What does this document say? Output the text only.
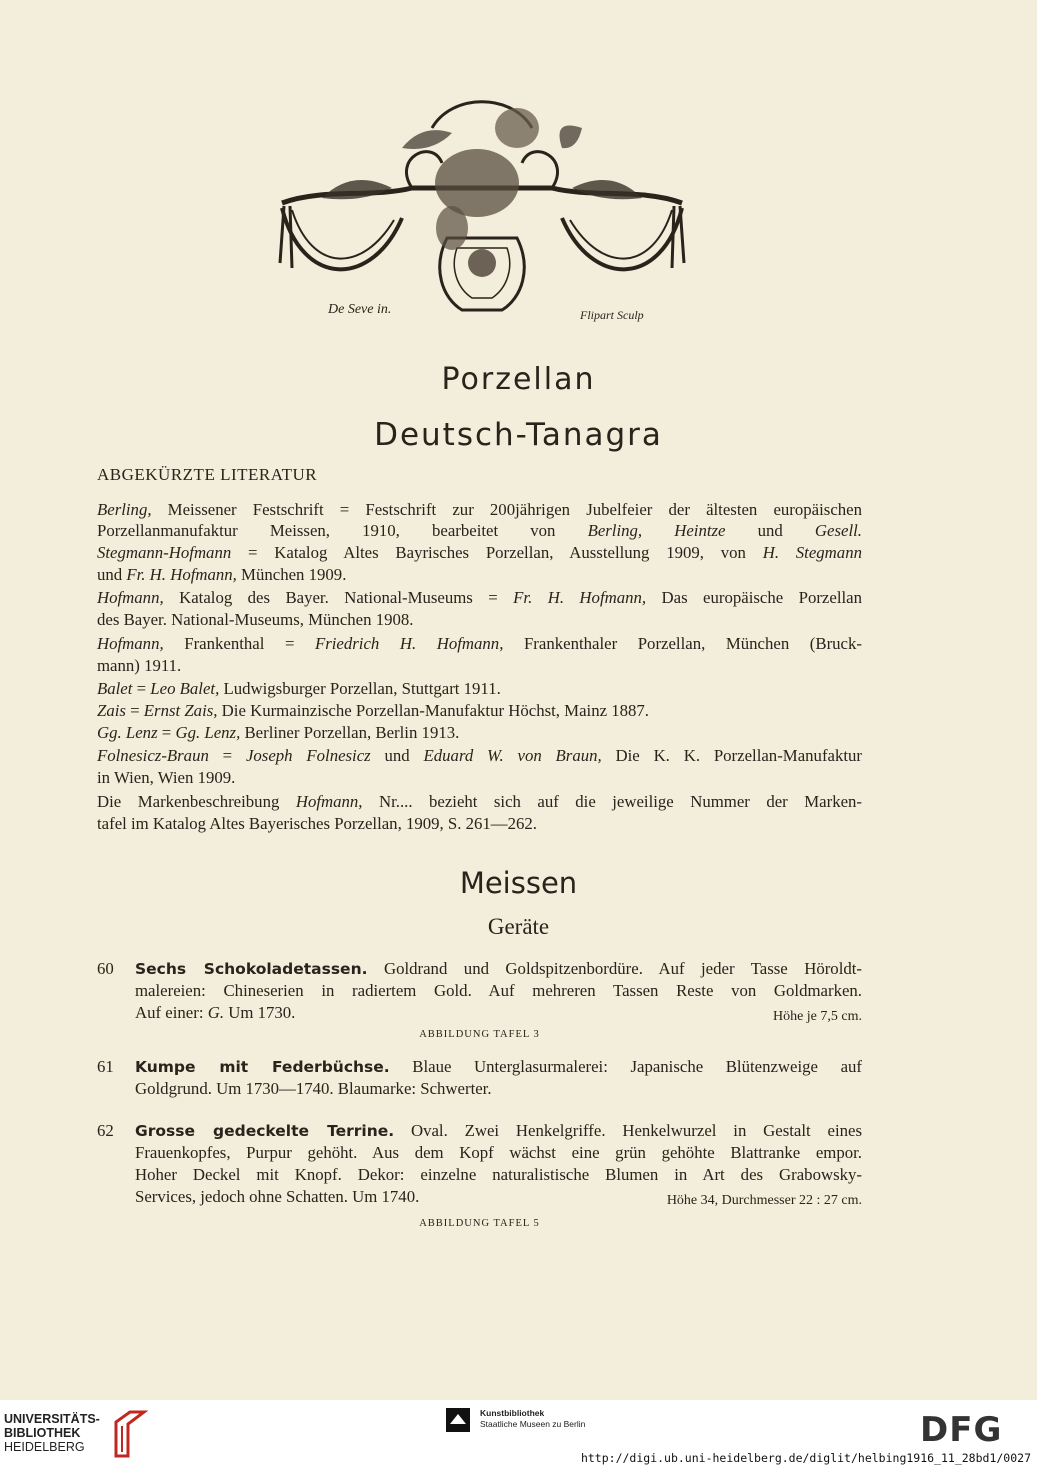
De Seve in.	Flipart Sculp
Porzellan
Deutsch-Tanagra
ABGEKÜRZTE LITERATUR
Berling, Meissener Festschrift = Festschrift zur 200jährigen Jubelfeier der ältesten europäischen
Porzellanmanufaktur Meissen, 1910, bearbeitet von Berling, Heintze und Gesell.
Stegmann-Hofmann = Katalog Altes Bayrisches Porzellan, Ausstellung 1909, von H. Stegmann
und Fr. H. Hofmann, München 1909.
Hofmann, Katalog des Bayer. National-Museums = Fr. H. Hofmann, Das europäische Porzellan
des Bayer. National-Museums, München 1908.
Hofmann, Frankenthal = Friedrich H. Hofmann, Frankenthaler Porzellan, München (Bruck-
mann) 1911.
Balet = Leo Balet, Ludwigsburger Porzellan, Stuttgart 1911.
Zais = Ernst Zais, Die Kurmainzische Porzellan-Manufaktur Höchst, Mainz 1887.
Gg. Lenz = Gg. Lenz, Berliner Porzellan, Berlin 1913.
Folnesicz-Braun = Joseph Folnesicz und Eduard W. von Braun, Die K. K. Porzellan-Manufaktur
in Wien, Wien 1909.
Die Markenbeschreibung Hofmann, Nr.... bezieht sich auf die jeweilige Nummer der Marken-
tafel im Katalog Altes Bayerisches Porzellan, 1909, S. 261—262.
Meissen
Geräte
60	Sechs Schokoladetassen. Goldrand und Goldspitzenbordüre. Auf jeder Tasse Höroldt-
malereien: Chineserien in radiertem Gold. Auf mehreren Tassen Reste von Goldmarken.
Auf einer: G. Um 1730.	Höhe je 7,5 cm.
ABBILDUNG TAFEL 3
61	Kumpe mit Federbüchse. Blaue Unterglasurmalerei: Japanische Blütenzweige auf
Goldgrund. Um 1730—1740. Blaumarke: Schwerter.
62	Grosse gedeckelte Terrine. Oval. Zwei Henkelgriffe. Henkelwurzel in Gestalt eines
Frauenkopfes, Purpur gehöht. Aus dem Kopf wächst eine grün gehöhte Blattranke empor.
Hoher Deckel mit Knopf. Dekor: einzelne naturalistische Blumen in Art des Grabowsky-
Services, jedoch ohne Schatten. Um 1740.	Höhe 34, Durchmesser 22 : 27 cm.
ABBILDUNG TAFEL 5
UNIVERSITÄTS-
BIBLIOTHEK
HEIDELBERG
Kunstbibliothek
Staatliche Museen zu Berlin	DFG
http://digi.ub.uni-heidelberg.de/diglit/helbing1916_11_28bd1/0027
